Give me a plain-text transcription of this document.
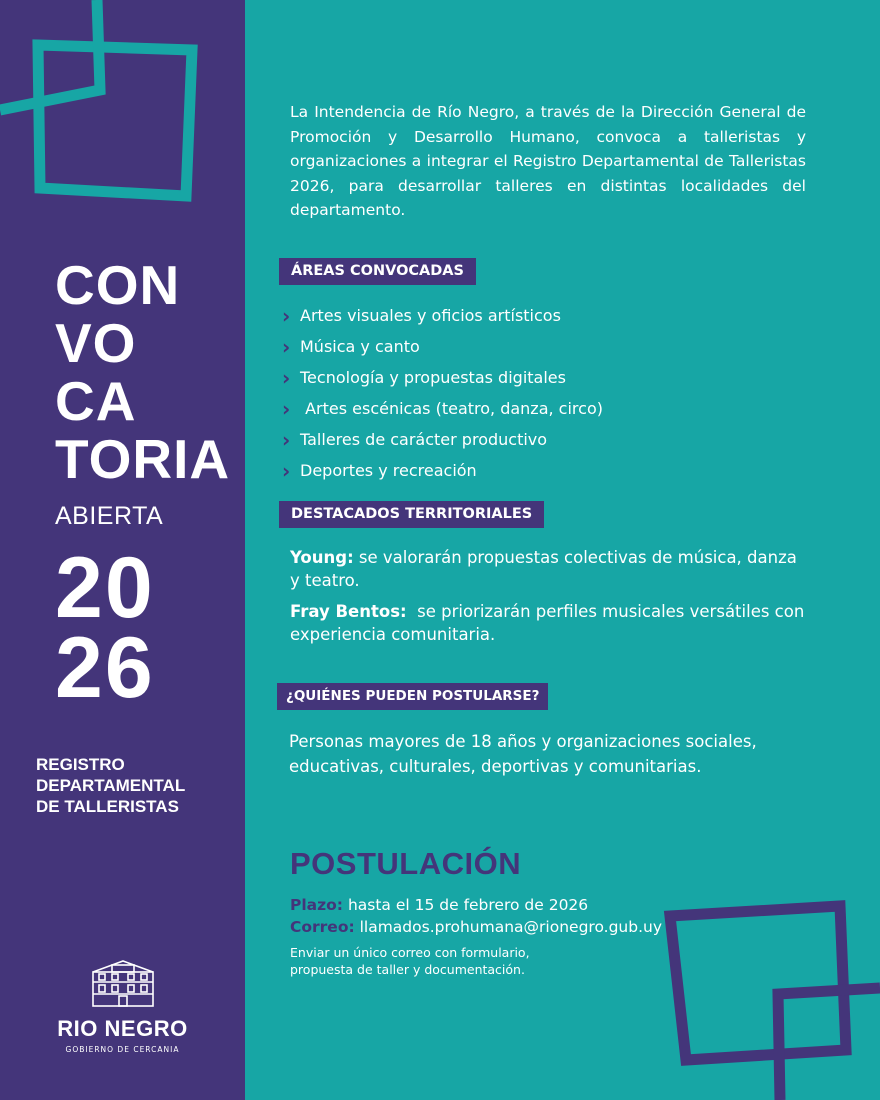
CON
VO
CA
TORIA
ABIERTA
20
26
REGISTRO
DEPARTAMENTAL
DE TALLERISTAS
RIO NEGRO
GOBIERNO DE CERCANIA

La Intendencia de Río Negro, a través de la Dirección General de Promoción y Desarrollo Humano, convoca a talleristas y organizaciones a integrar el Registro Departamental de Talleristas 2026, para desarrollar talleres en distintas localidades del departamento.

ÁREAS CONVOCADAS
› Artes visuales y oficios artísticos
› Música y canto
› Tecnología y propuestas digitales
› Artes escénicas (teatro, danza, circo)
› Talleres de carácter productivo
› Deportes y recreación
DESTACADOS TERRITORIALES

Young: se valorarán propuestas colectivas de música, danza y teatro.

Fray Bentos:  se priorizarán perfiles musicales versátiles con experiencia comunitaria.

¿QUIÉNES PUEDEN POSTULARSE?

Personas mayores de 18 años y organizaciones sociales, educativas, culturales, deportivas y comunitarias.

POSTULACIÓN
Plazo: hasta el 15 de febrero de 2026
Correo: llamados.prohumana@rionegro.gub.uy
Enviar un único correo con formulario,
propuesta de taller y documentación.
